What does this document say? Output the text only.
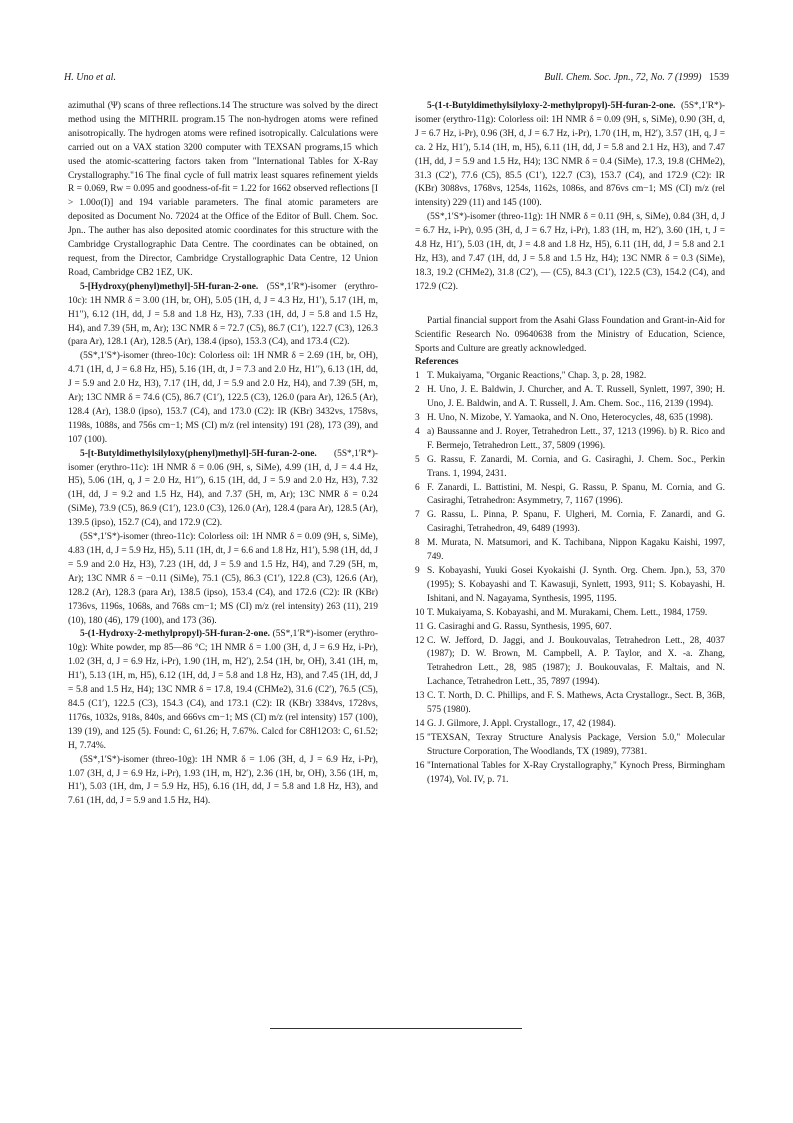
H. Uno et al.	Bull. Chem. Soc. Jpn., 72, No. 7 (1999) 1539

azimuthal (Ψ) scans of three reflections.14 The structure was solved by the direct method using the MITHRIL program.15 The non-hydrogen atoms were refined anisotropically. The hydrogen atoms were refined isotropically. Calculations were carried out on a VAX station 3200 computer with TEXSAN programs,15 which used the atomic-scattering factors taken from "International Tables for X-Ray Crystallography."16 The final cycle of full matrix least squares refinement yields R = 0.069, Rw = 0.095 and goodness-of-fit = 1.22 for 1662 observed reflections [I > 1.00σ(I)] and 194 variable parameters. The final atomic parameters are deposited as Document No. 72024 at the Office of the Editor of Bull. Chem. Soc. Jpn.. The auther has also deposited atomic coordinates for this structure with the Cambridge Crystallographic Data Centre. The coordinates can be obtained, on request, from the Director, Cambridge Crystallographic Data Centre, 12 Union Road, Cambridge CB2 1EZ, UK.

5-[Hydroxy(phenyl)methyl]-5H-furan-2-one. (5S*,1′R*)-isomer (erythro-10c): 1H NMR δ = 3.00 (1H, br, OH), 5.05 (1H, d, J = 4.3 Hz, H1′), 5.17 (1H, m, H1′′), 6.12 (1H, dd, J = 5.8 and 1.8 Hz, H3), 7.33 (1H, dd, J = 5.8 and 1.5 Hz, H4), and 7.39 (5H, m, Ar); 13C NMR δ = 72.7 (C5), 86.7 (C1′), 122.7 (C3), 126.3 (para Ar), 128.1 (Ar), 128.5 (Ar), 138.4 (ipso), 153.3 (C4), and 173.4 (C2).

(5S*,1′S*)-isomer (threo-10c): Colorless oil: 1H NMR δ = 2.69 (1H, br, OH), 4.71 (1H, d, J = 6.8 Hz, H5), 5.16 (1H, dt, J = 7.3 and 2.0 Hz, H1′′), 6.13 (1H, dd, J = 5.9 and 2.0 Hz, H3), 7.17 (1H, dd, J = 5.9 and 2.0 Hz, H4), and 7.39 (5H, m, Ar); 13C NMR δ = 74.6 (C5), 86.7 (C1′), 122.5 (C3), 126.0 (para Ar), 126.5 (Ar), 128.4 (Ar), 138.0 (ipso), 153.7 (C4), and 173.0 (C2): IR (KBr) 3432vs, 1758vs, 1198s, 1088s, and 756s cm−1; MS (CI) m/z (rel intensity) 191 (28), 173 (39), and 107 (100).

5-[t-Butyldimethylsilyloxy(phenyl)methyl]-5H-furan-2-one. (5S*,1′R*)-isomer (erythro-11c): 1H NMR δ = 0.06 (9H, s, SiMe), 4.99 (1H, d, J = 4.4 Hz, H5), 5.06 (1H, q, J = 2.0 Hz, H1′′), 6.15 (1H, dd, J = 5.9 and 2.0 Hz, H3), 7.32 (1H, dd, J = 9.2 and 1.5 Hz, H4), and 7.37 (5H, m, Ar); 13C NMR δ = 0.24 (SiMe), 73.9 (C5), 86.9 (C1′), 123.0 (C3), 126.0 (Ar), 128.4 (para Ar), 128.5 (Ar), 139.5 (ipso), 152.7 (C4), and 172.9 (C2).

(5S*,1′S*)-isomer (threo-11c): Colorless oil: 1H NMR δ = 0.09 (9H, s, SiMe), 4.83 (1H, d, J = 5.9 Hz, H5), 5.11 (1H, dt, J = 6.6 and 1.8 Hz, H1′), 5.98 (1H, dd, J = 5.9 and 2.0 Hz, H3), 7.23 (1H, dd, J = 5.9 and 1.5 Hz, H4), and 7.29 (5H, m, Ar); 13C NMR δ = −0.11 (SiMe), 75.1 (C5), 86.3 (C1′), 122.8 (C3), 126.6 (Ar), 128.2 (Ar), 128.3 (para Ar), 138.5 (ipso), 153.4 (C4), and 172.6 (C2): IR (KBr) 1736vs, 1196s, 1068s, and 768s cm−1; MS (CI) m/z (rel intensity) 263 (11), 219 (10), 180 (46), 179 (100), and 173 (36).

5-(1-Hydroxy-2-methylpropyl)-5H-furan-2-one. (5S*,1′R*)-isomer (erythro-10g): White powder, mp 85—86 °C; 1H NMR δ = 1.00 (3H, d, J = 6.9 Hz, i-Pr), 1.02 (3H, d, J = 6.9 Hz, i-Pr), 1.90 (1H, m, H2′), 2.54 (1H, br, OH), 3.41 (1H, m, H1′), 5.13 (1H, m, H5), 6.12 (1H, dd, J = 5.8 and 1.8 Hz, H3), and 7.45 (1H, dd, J = 5.8 and 1.5 Hz, H4); 13C NMR δ = 17.8, 19.4 (CHMe2), 31.6 (C2′), 76.5 (C5), 84.5 (C1′), 122.5 (C3), 154.3 (C4), and 173.1 (C2): IR (KBr) 3384vs, 1728vs, 1176s, 1032s, 918s, 840s, and 666vs cm−1; MS (CI) m/z (rel intensity) 157 (100), 139 (19), and 125 (5). Found: C, 61.26; H, 7.67%. Calcd for C8H12O3: C, 61.52; H, 7.74%.

(5S*,1′S*)-isomer (threo-10g): 1H NMR δ = 1.06 (3H, d, J = 6.9 Hz, i-Pr), 1.07 (3H, d, J = 6.9 Hz, i-Pr), 1.93 (1H, m, H2′), 2.36 (1H, br, OH), 3.56 (1H, m, H1′), 5.03 (1H, dm, J = 5.9 Hz, H5), 6.16 (1H, dd, J = 5.8 and 1.8 Hz, H3), and 7.61 (1H, dd, J = 5.9 and 1.5 Hz, H4).

5-(1-t-Butyldimethylsilyloxy-2-methylpropyl)-5H-furan-2-one. (5S*,1′R*)-isomer (erythro-11g): Colorless oil: 1H NMR δ = 0.09 (9H, s, SiMe), 0.90 (3H, d, J = 6.7 Hz, i-Pr), 0.96 (3H, d, J = 6.7 Hz, i-Pr), 1.70 (1H, m, H2′), 3.57 (1H, q, J = ca. 2 Hz, H1′), 5.14 (1H, m, H5), 6.11 (1H, dd, J = 5.8 and 2.1 Hz, H3), and 7.47 (1H, dd, J = 5.9 and 1.5 Hz, H4); 13C NMR δ = 0.4 (SiMe), 17.3, 19.8 (CHMe2), 31.3 (C2′), 77.6 (C5), 85.5 (C1′), 122.7 (C3), 153.7 (C4), and 172.9 (C2): IR (KBr) 3088vs, 1768vs, 1254s, 1162s, 1086s, and 876vs cm−1; MS (CI) m/z (rel intensity) 229 (11) and 145 (100).

(5S*,1′S*)-isomer (threo-11g): 1H NMR δ = 0.11 (9H, s, SiMe), 0.84 (3H, d, J = 6.7 Hz, i-Pr), 0.95 (3H, d, J = 6.7 Hz, i-Pr), 1.83 (1H, m, H2′), 3.60 (1H, t, J = 4.8 Hz, H1′), 5.03 (1H, dt, J = 4.8 and 1.8 Hz, H5), 6.11 (1H, dd, J = 5.8 and 2.1 Hz, H3), and 7.47 (1H, dd, J = 5.8 and 1.5 Hz, H4); 13C NMR δ = 0.3 (SiMe), 18.3, 19.2 (CHMe2), 31.8 (C2′), — (C5), 84.3 (C1′), 122.5 (C3), 154.2 (C4), and 172.9 (C2).

Partial financial support from the Asahi Glass Foundation and Grant-in-Aid for Scientific Research No. 09640638 from the Ministry of Education, Science, Sports and Culture are greatly acknowledged.

References

1 T. Mukaiyama, "Organic Reactions," Chap. 3, p. 28, 1982.

2 H. Uno, J. E. Baldwin, J. Churcher, and A. T. Russell, Synlett, 1997, 390; H. Uno, J. E. Baldwin, and A. T. Russell, J. Am. Chem. Soc., 116, 2139 (1994).

3 H. Uno, N. Mizobe, Y. Yamaoka, and N. Ono, Heterocycles, 48, 635 (1998).

4 a) Baussanne and J. Royer, Tetrahedron Lett., 37, 1213 (1996). b) R. Rico and F. Bermejo, Tetrahedron Lett., 37, 5809 (1996).

5 G. Rassu, F. Zanardi, M. Cornia, and G. Casiraghi, J. Chem. Soc., Perkin Trans. 1, 1994, 2431.

6 F. Zanardi, L. Battistini, M. Nespi, G. Rassu, P. Spanu, M. Cornia, and G. Casiraghi, Tetrahedron: Asymmetry, 7, 1167 (1996).

7 G. Rassu, L. Pinna, P. Spanu, F. Ulgheri, M. Cornia, F. Zanardi, and G. Casiraghi, Tetrahedron, 49, 6489 (1993).

8 M. Murata, N. Matsumori, and K. Tachibana, Nippon Kagaku Kaishi, 1997, 749.

9 S. Kobayashi, Yuuki Gosei Kyokaishi (J. Synth. Org. Chem. Jpn.), 53, 370 (1995); S. Kobayashi and T. Kawasuji, Synlett, 1993, 911; S. Kobayashi, H. Ishitani, and N. Nagayama, Synthesis, 1995, 1195.

10 T. Mukaiyama, S. Kobayashi, and M. Murakami, Chem. Lett., 1984, 1759.

11 G. Casiraghi and G. Rassu, Synthesis, 1995, 607.

12 C. W. Jefford, D. Jaggi, and J. Boukouvalas, Tetrahedron Lett., 28, 4037 (1987); D. W. Brown, M. Campbell, A. P. Taylor, and X. -a. Zhang, Tetrahedron Lett., 28, 985 (1987); J. Boukouvalas, F. Maltais, and N. Lachance, Tetrahedron Lett., 35, 7897 (1994).

13 C. T. North, D. C. Phillips, and F. S. Mathews, Acta Crystallogr., Sect. B, 36B, 575 (1980).

14 G. J. Gilmore, J. Appl. Crystallogr., 17, 42 (1984).

15 "TEXSAN, Texray Structure Analysis Package, Version 5.0," Molecular Structure Corporation, The Woodlands, TX (1989), 77381.

16 "International Tables for X-Ray Crystallography," Kynoch Press, Birmingham (1974), Vol. IV, p. 71.
